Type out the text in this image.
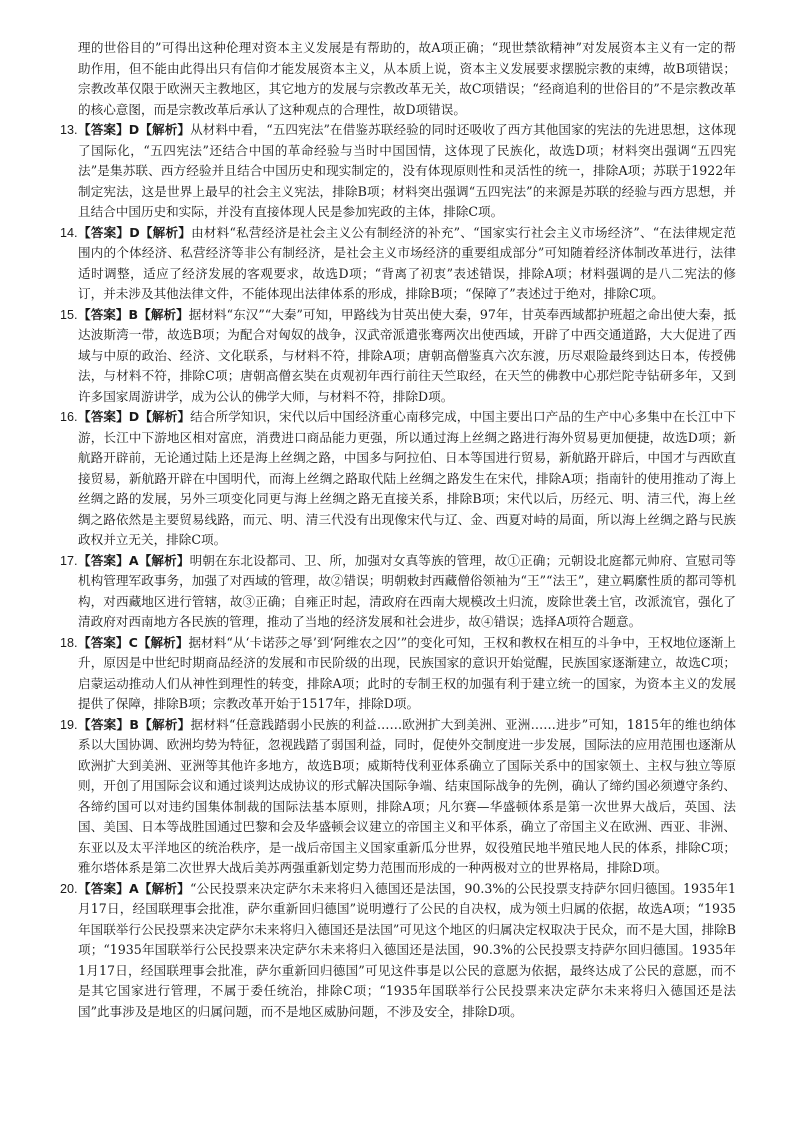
理的世俗目的”可得出这种伦理对资本主义发展是有帮助的，故A项正确；“现世禁欲精神”对发展资本主义有一定的帮助作用，但不能由此得出只有信仰才能发展资本主义，从本质上说，资本主义发展要求摆脱宗教的束缚，故B项错误；宗教改革仅限于欧洲天主教地区，其它地方的发展与宗教改革无关，故C项错误；“经商追利的世俗目的”不是宗教改革的核心意图，而是宗教改革后承认了这种观点的合理性，故D项错误。

13. 【答案】D【解析】从材料中看，“五四宪法”在借鉴苏联经验的同时还吸收了西方其他国家的宪法的先进思想，这体现了国际化，“五四宪法”还结合中国的革命经验与当时中国国情，这体现了民族化，故选D项；材料突出强调“五四宪法”是集苏联、西方经验并且结合中国历史和现实制定的，没有体现原则性和灵活性的统一，排除A项；苏联于1922年制定宪法，这是世界上最早的社会主义宪法，排除B项；材料突出强调“五四宪法”的来源是苏联的经验与西方思想，并且结合中国历史和实际，并没有直接体现人民是参加宪政的主体，排除C项。

14. 【答案】D【解析】由材料“私营经济是社会主义公有制经济的补充”、“国家实行社会主义市场经济”、“在法律规定范围内的个体经济、私营经济等非公有制经济，是社会主义市场经济的重要组成部分”可知随着经济体制改革进行，法律适时调整，适应了经济发展的客观要求，故选D项；“背离了初衷”表述错误，排除A项；材料强调的是八二宪法的修订，并未涉及其他法律文件，不能体现出法律体系的形成，排除B项；“保障了”表述过于绝对，排除C项。

15. 【答案】B【解析】据材料“东汉”“大秦”可知，甲路线为甘英出使大秦，97年，甘英奉西域都护班超之命出使大秦，抵达波斯湾一带，故选B项；为配合对匈奴的战争，汉武帝派遣张骞两次出使西域，开辟了中西交通道路，大大促进了西域与中原的政治、经济、文化联系，与材料不符，排除A项；唐朝高僧鉴真六次东渡，历尽艰险最终到达日本，传授佛法，与材料不符，排除C项；唐朝高僧玄奘在贞观初年西行前往天竺取经，在天竺的佛教中心那烂陀寺钻研多年，又到许多国家周游讲学，成为公认的佛学大师，与材料不符，排除D项。

16. 【答案】D【解析】结合所学知识，宋代以后中国经济重心南移完成，中国主要出口产品的生产中心多集中在长江中下游，长江中下游地区相对富庶，消费进口商品能力更强，所以通过海上丝绸之路进行海外贸易更加便捷，故选D项；新航路开辟前，无论通过陆上还是海上丝绸之路，中国多与阿拉伯、日本等国进行贸易，新航路开辟后，中国才与西欧直接贸易，新航路开辟在中国明代，而海上丝绸之路取代陆上丝绸之路发生在宋代，排除A项；指南针的使用推动了海上丝绸之路的发展，另外三项变化同更与海上丝绸之路无直接关系，排除B项；宋代以后，历经元、明、清三代，海上丝绸之路依然是主要贸易线路，而元、明、清三代没有出现像宋代与辽、金、西夏对峙的局面，所以海上丝绸之路与民族政权并立无关，排除C项。

17. 【答案】A【解析】明朝在东北设都司、卫、所，加强对女真等族的管理，故①正确；元朝设北庭都元帅府、宣慰司等机构管理军政事务，加强了对西域的管理，故②错误；明朝敕封西藏僧俗领袖为“王”“法王”，建立羁縻性质的都司等机构，对西藏地区进行管辖，故③正确；自雍正时起，清政府在西南大规模改土归流，废除世袭土官，改派流官，强化了清政府对西南地方各民族的管理，推动了当地的经济发展和社会进步，故④错误；选择A项符合题意。

18. 【答案】C【解析】据材料“从‘卡诺莎之辱’到‘阿维农之囚’”的变化可知，王权和教权在相互的斗争中，王权地位逐渐上升，原因是中世纪时期商品经济的发展和市民阶级的出现，民族国家的意识开始觉醒，民族国家逐渐建立，故选C项；启蒙运动推动人们从神性到理性的转变，排除A项；此时的专制王权的加强有利于建立统一的国家，为资本主义的发展提供了保障，排除B项；宗教改革开始于1517年，排除D项。

19. 【答案】B【解析】据材料“任意践踏弱小民族的利益……欧洲扩大到美洲、亚洲……进步”可知，1815年的维也纳体系以大国协调、欧洲均势为特征，忽视践踏了弱国利益，同时，促使外交制度进一步发展，国际法的应用范围也逐渐从欧洲扩大到美洲、亚洲等其他许多地方，故选B项；威斯特伐利亚体系确立了国际关系中的国家领土、主权与独立等原则，开创了用国际会议和通过谈判达成协议的形式解决国际争端、结束国际战争的先例，确认了缔约国必须遵守条约、各缔约国可以对违约国集体制裁的国际法基本原则，排除A项；凡尔赛—华盛顿体系是第一次世界大战后，英国、法国、美国、日本等战胜国通过巴黎和会及华盛顿会议建立的帝国主义和平体系，确立了帝国主义在欧洲、西亚、非洲、东亚以及太平洋地区的统治秩序，是一战后帝国主义国家重新瓜分世界，奴役殖民地半殖民地人民的体系，排除C项；雅尔塔体系是第二次世界大战后美苏两强重新划定势力范围而形成的一种两极对立的世界格局，排除D项。

20. 【答案】A【解析】“公民投票来决定萨尔未来将归入德国还是法国，90.3%的公民投票支持萨尔回归德国。1935年1月17日，经国联理事会批准，萨尔重新回归德国”说明遵行了公民的自决权，成为领土归属的依据，故选A项；“1935年国联举行公民投票来决定萨尔未来将归入德国还是法国”可见这个地区的归属决定权取决于民众，而不是大国，排除B项；“1935年国联举行公民投票来决定萨尔未来将归入德国还是法国，90.3%的公民投票支持萨尔回归德国。1935年1月17日，经国联理事会批准，萨尔重新回归德国”可见这件事是以公民的意愿为依据，最终达成了公民的意愿，而不是其它国家进行管理，不属于委任统治，排除C项；“1935年国联举行公民投票来决定萨尔未来将归入德国还是法国”此事涉及是地区的归属问题，而不是地区威胁问题，不涉及安全，排除D项。
